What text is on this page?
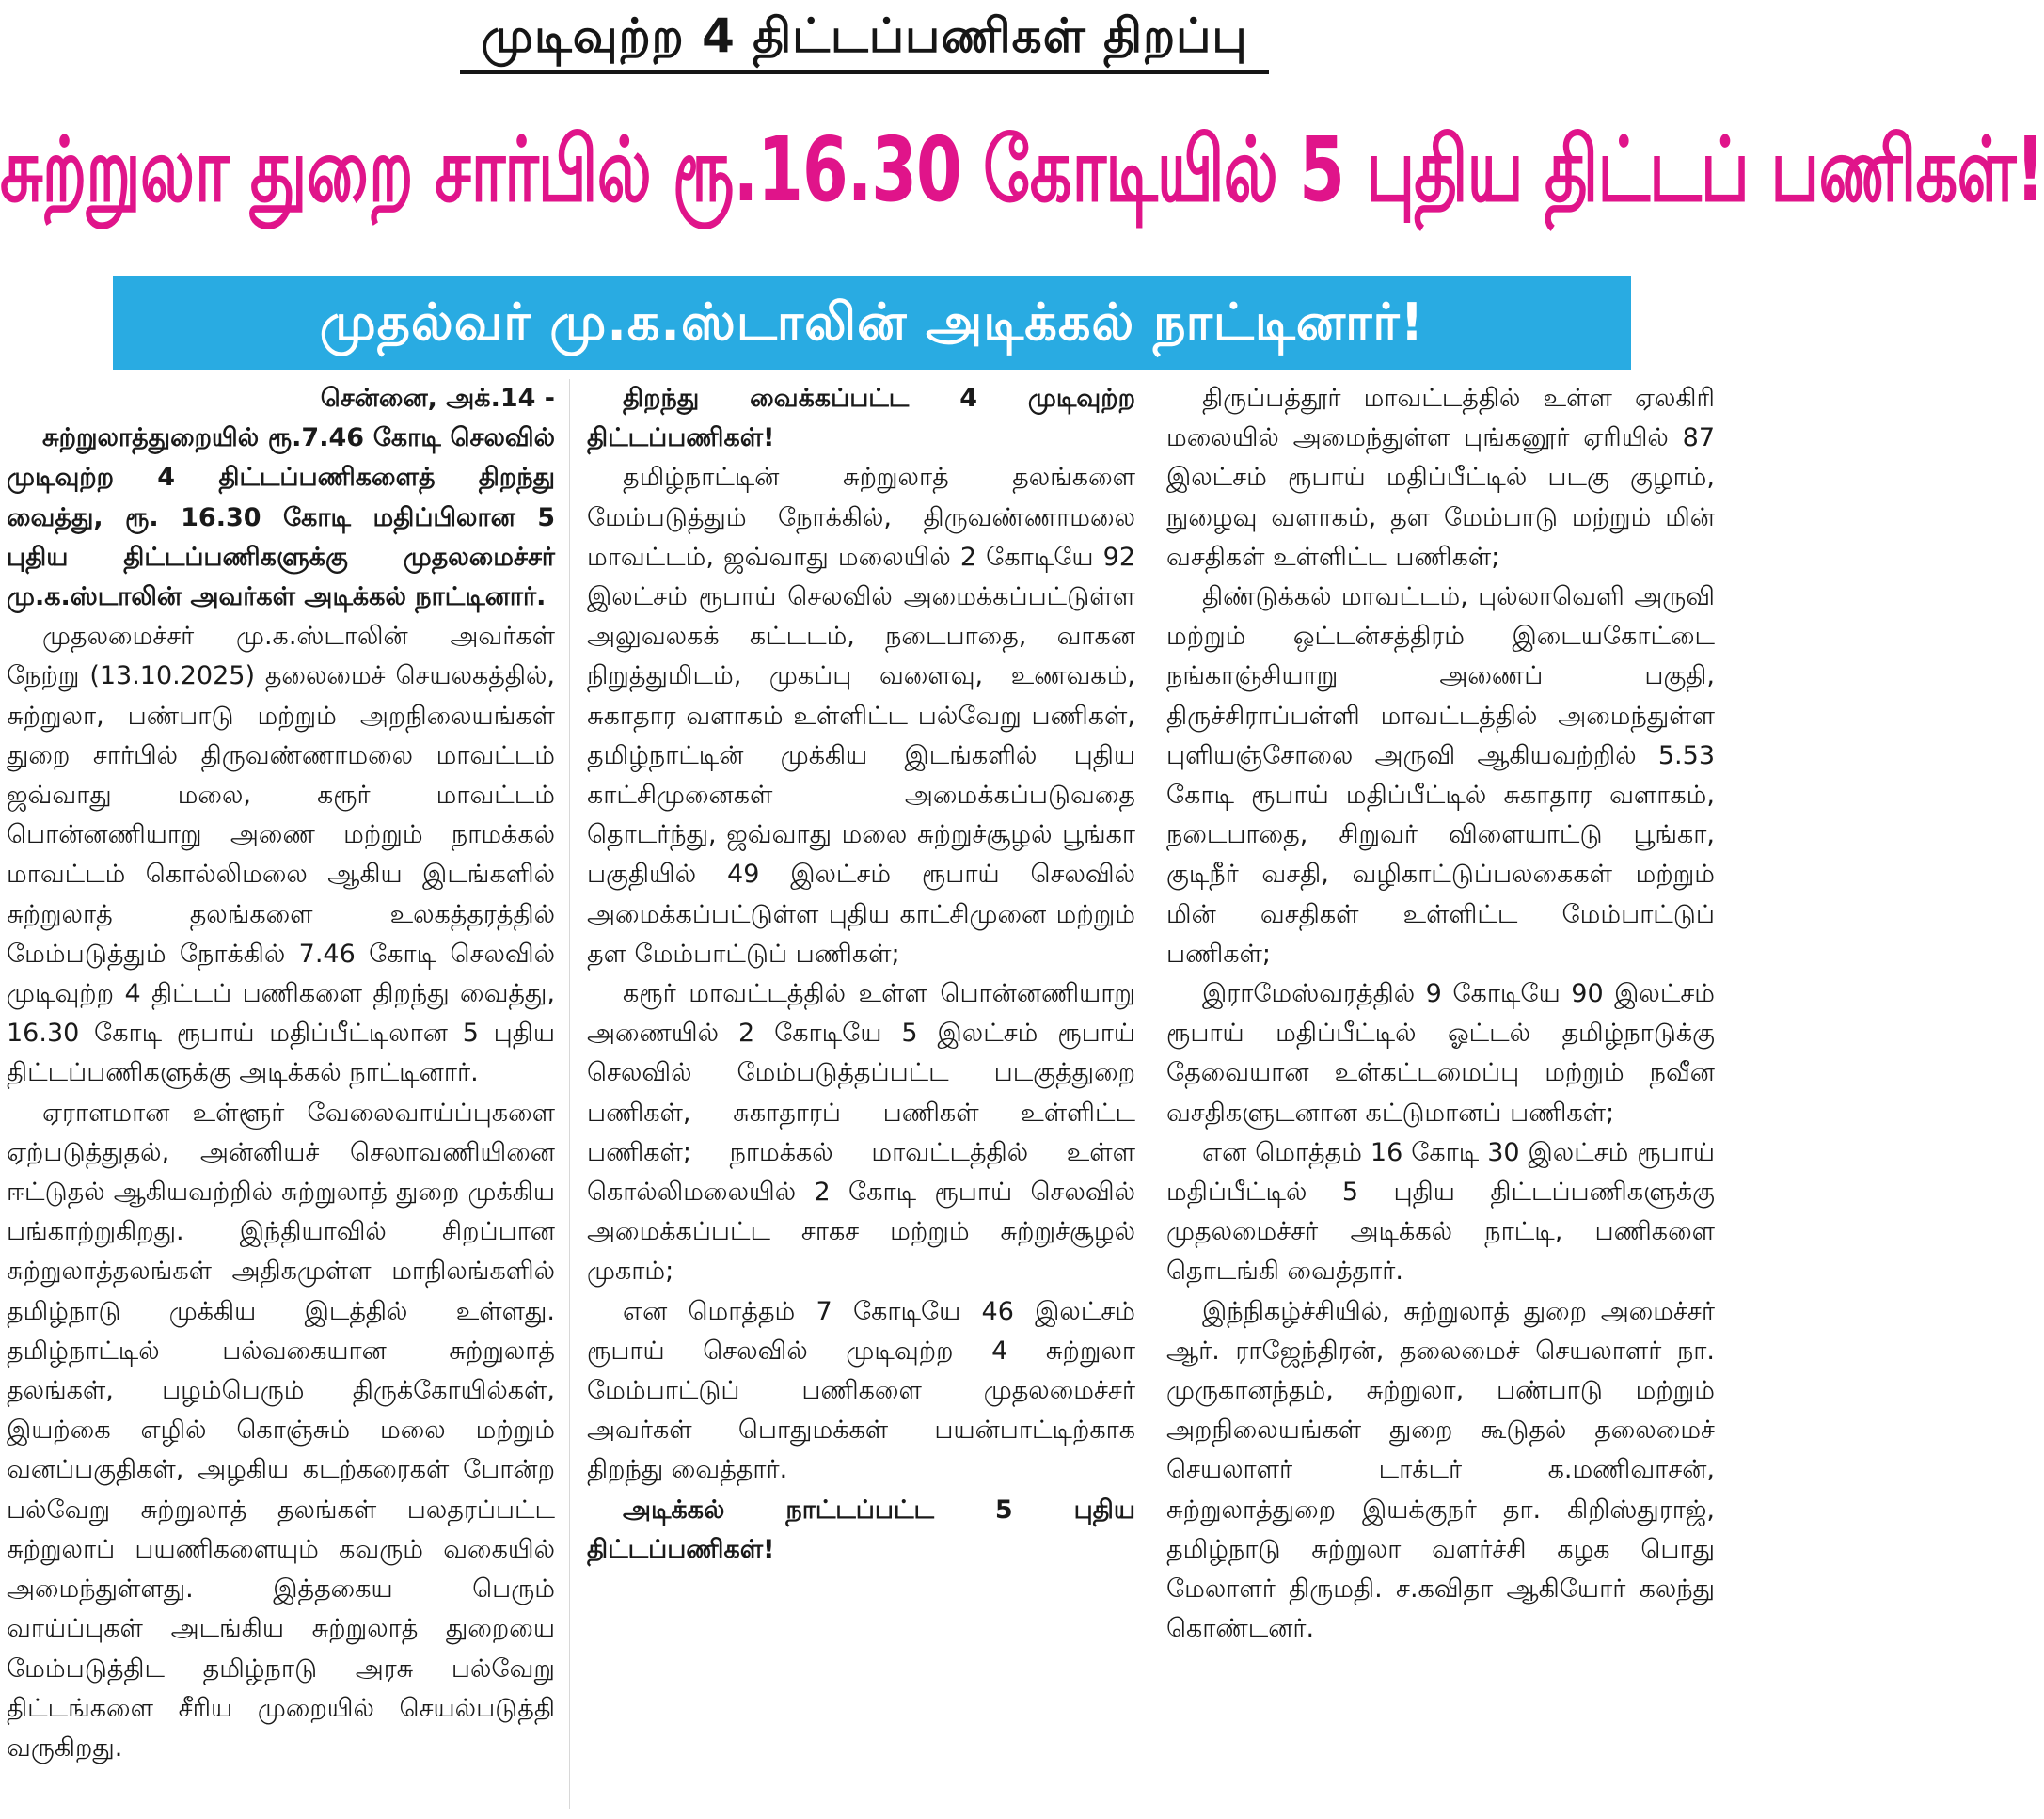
முடிவுற்ற 4 திட்டப்பணிகள் திறப்பு
சுற்றுலா துறை சார்பில் ரூ.16.30 கோடியில் 5 புதிய திட்டப் பணிகள்!
முதல்வர் மு.க.ஸ்டாலின் அடிக்கல் நாட்டினார்!

சென்னை, அக்.14 -

சுற்றுலாத்துறையில் ரூ.7.46 கோடி செலவில் முடிவுற்ற 4 திட்டப்பணிகளைத் திறந்து வைத்து, ரூ. 16.30 கோடி மதிப்பிலான 5 புதிய திட்டப்பணிகளுக்கு முதலமைச்சர் மு.க.ஸ்டாலின் அவர்கள் அடிக்கல் நாட்டினார்.

முதலமைச்சர் மு.க.ஸ்டாலின் அவர்கள் நேற்று (13.10.2025) தலைமைச் செயலகத்தில், சுற்றுலா, பண்பாடு மற்றும் அறநிலையங்கள் துறை சார்பில் திருவண்ணாமலை மாவட்டம் ஜவ்வாது மலை, கரூர் மாவட்டம் பொன்னணியாறு அணை மற்றும் நாமக்கல் மாவட்டம் கொல்லிமலை ஆகிய இடங்களில் சுற்றுலாத் தலங்களை உலகத்தரத்தில் மேம்படுத்தும் நோக்கில் 7.46 கோடி செலவில் முடிவுற்ற 4 திட்டப் பணிகளை திறந்து வைத்து, 16.30 கோடி ரூபாய் மதிப்பீட்டிலான 5 புதிய திட்டப்பணிகளுக்கு அடிக்கல் நாட்டினார்.

ஏராளமான உள்ளூர் வேலைவாய்ப்புகளை ஏற்படுத்துதல், அன்னியச் செலாவணியினை ஈட்டுதல் ஆகியவற்றில் சுற்றுலாத் துறை முக்கிய பங்காற்றுகிறது. இந்தியாவில் சிறப்பான சுற்றுலாத்தலங்கள் அதிகமுள்ள மாநிலங்களில் தமிழ்நாடு முக்கிய இடத்தில் உள்ளது. தமிழ்நாட்டில் பல்வகையான சுற்றுலாத் தலங்கள், பழம்பெரும் திருக்கோயில்கள், இயற்கை எழில் கொஞ்சும் மலை மற்றும் வனப்பகுதிகள், அழகிய கடற்கரைகள் போன்ற பல்வேறு சுற்றுலாத் தலங்கள் பலதரப்பட்ட சுற்றுலாப் பயணிகளையும் கவரும் வகையில் அமைந்துள்ளது. இத்தகைய பெரும் வாய்ப்புகள் அடங்கிய சுற்றுலாத் துறையை மேம்படுத்திட தமிழ்நாடு அரசு பல்வேறு திட்டங்களை சீரிய முறையில் செயல்படுத்தி வருகிறது.

திறந்து வைக்கப்பட்ட 4 முடிவுற்ற திட்டப்பணிகள்!

தமிழ்நாட்டின் சுற்றுலாத் தலங்களை மேம்படுத்தும் நோக்கில், திருவண்ணாமலை மாவட்டம், ஜவ்வாது மலையில் 2 கோடியே 92 இலட்சம் ரூபாய் செலவில் அமைக்கப்பட்டுள்ள அலுவலகக் கட்டடம், நடைபாதை, வாகன நிறுத்துமிடம், முகப்பு வளைவு, உணவகம், சுகாதார வளாகம் உள்ளிட்ட பல்வேறு பணிகள், தமிழ்நாட்டின் முக்கிய இடங்களில் புதிய காட்சிமுனைகள் அமைக்கப்படுவதை தொடர்ந்து, ஜவ்வாது மலை சுற்றுச்சூழல் பூங்கா பகுதியில் 49 இலட்சம் ரூபாய் செலவில் அமைக்கப்பட்டுள்ள புதிய காட்சிமுனை மற்றும் தள மேம்பாட்டுப் பணிகள்;

கரூர் மாவட்டத்தில் உள்ள பொன்னணியாறு அணையில் 2 கோடியே 5 இலட்சம் ரூபாய் செலவில் மேம்படுத்தப்பட்ட படகுத்துறை பணிகள், சுகாதாரப் பணிகள் உள்ளிட்ட பணிகள்; நாமக்கல் மாவட்டத்தில் உள்ள கொல்லிமலையில் 2 கோடி ரூபாய் செலவில் அமைக்கப்பட்ட சாகச மற்றும் சுற்றுச்சூழல் முகாம்;

என மொத்தம் 7 கோடியே 46 இலட்சம் ரூபாய் செலவில் முடிவுற்ற 4 சுற்றுலா மேம்பாட்டுப் பணிகளை முதலமைச்சர் அவர்கள் பொதுமக்கள் பயன்பாட்டிற்காக திறந்து வைத்தார்.

அடிக்கல் நாட்டப்பட்ட 5 புதிய திட்டப்பணிகள்!

திருப்பத்தூர் மாவட்டத்தில் உள்ள ஏலகிரி மலையில் அமைந்துள்ள புங்கனூர் ஏரியில் 87 இலட்சம் ரூபாய் மதிப்பீட்டில் படகு குழாம், நுழைவு வளாகம், தள மேம்பாடு மற்றும் மின் வசதிகள் உள்ளிட்ட பணிகள்;

திண்டுக்கல் மாவட்டம், புல்லாவெளி அருவி மற்றும் ஒட்டன்சத்திரம் இடையகோட்டை நங்காஞ்சியாறு அணைப் பகுதி, திருச்சிராப்பள்ளி மாவட்டத்தில் அமைந்துள்ள புளியஞ்சோலை அருவி ஆகியவற்றில் 5.53 கோடி ரூபாய் மதிப்பீட்டில் சுகாதார வளாகம், நடைபாதை, சிறுவர் விளையாட்டு பூங்கா, குடிநீர் வசதி, வழிகாட்டுப்பலகைகள் மற்றும் மின் வசதிகள் உள்ளிட்ட மேம்பாட்டுப் பணிகள்;

இராமேஸ்வரத்தில் 9 கோடியே 90 இலட்சம் ரூபாய் மதிப்பீட்டில் ஓட்டல் தமிழ்நாடுக்கு தேவையான உள்கட்டமைப்பு மற்றும் நவீன வசதிகளுடனான கட்டுமானப் பணிகள்;

என மொத்தம் 16 கோடி 30 இலட்சம் ரூபாய் மதிப்பீட்டில் 5 புதிய திட்டப்பணிகளுக்கு முதலமைச்சர் அடிக்கல் நாட்டி, பணிகளை தொடங்கி வைத்தார்.

இந்நிகழ்ச்சியில், சுற்றுலாத் துறை அமைச்சர் ஆர். ராஜேந்திரன், தலைமைச் செயலாளர் நா. முருகானந்தம், சுற்றுலா, பண்பாடு மற்றும் அறநிலையங்கள் துறை கூடுதல் தலைமைச் செயலாளர் டாக்டர் க.மணிவாசன், சுற்றுலாத்துறை இயக்குநர் தா. கிறிஸ்துராஜ், தமிழ்நாடு சுற்றுலா வளர்ச்சி கழக பொது மேலாளர் திருமதி. ச.கவிதா ஆகியோர் கலந்து கொண்டனர்.
